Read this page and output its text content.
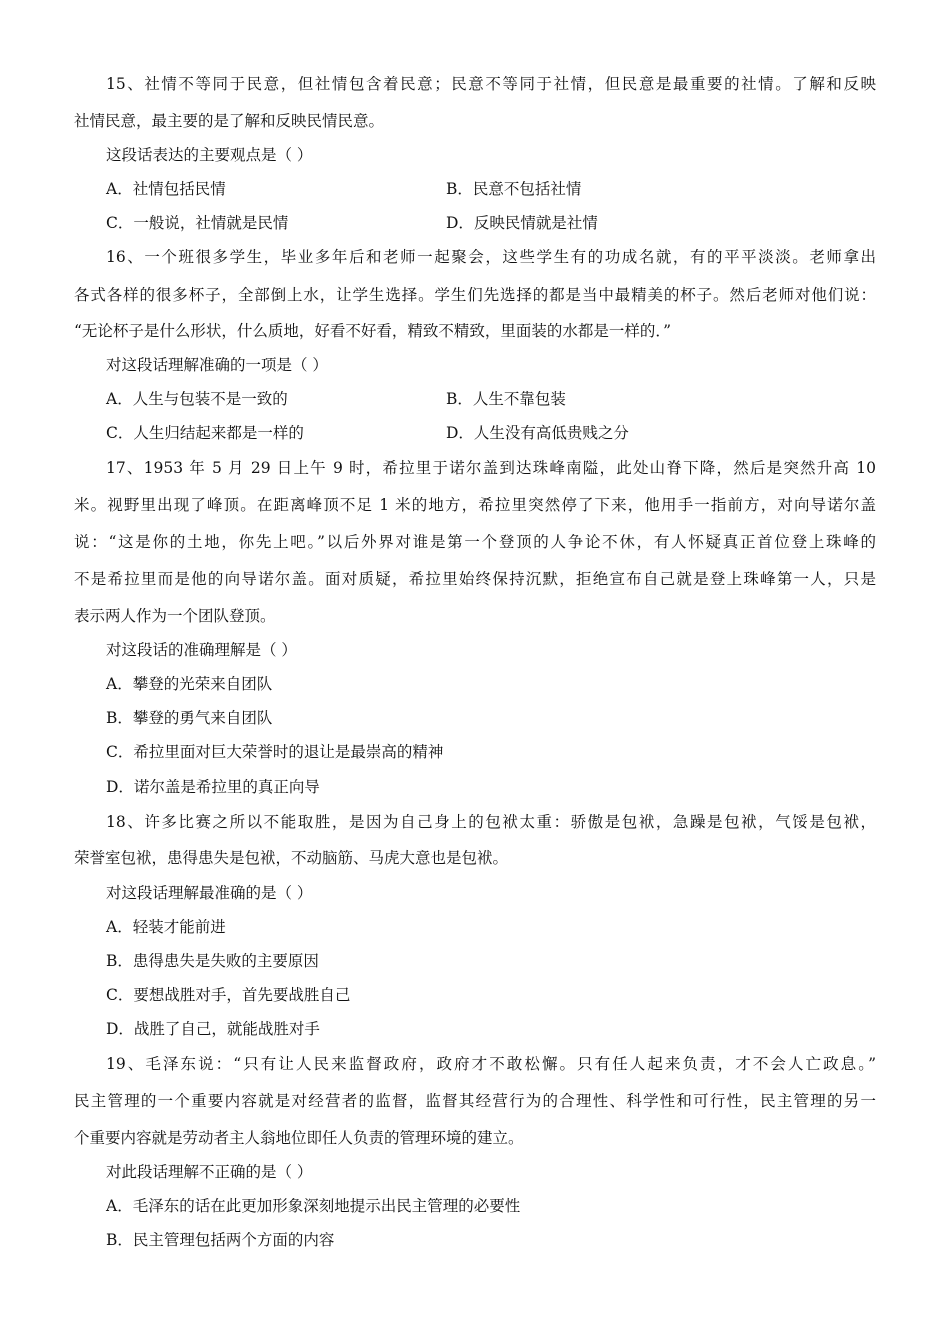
15、社情不等同于民意，但社情包含着民意；民意不等同于社情，但民意是最重要的社情。了解和反映
社情民意，最主要的是了解和反映民情民意。
这段话表达的主要观点是（ ）
A．社情包括民情	B．民意不包括社情
C．一般说，社情就是民情	D．反映民情就是社情
16、一个班很多学生，毕业多年后和老师一起聚会，这些学生有的功成名就，有的平平淡淡。老师拿出
各式各样的很多杯子，全部倒上水，让学生选择。学生们先选择的都是当中最精美的杯子。然后老师对他们说：
“无论杯子是什么形状，什么质地，好看不好看，精致不精致，里面装的水都是一样的．”
对这段话理解准确的一项是（ ）
A．人生与包装不是一致的	B．人生不靠包装
C．人生归结起来都是一样的	D．人生没有高低贵贱之分
17、1953 年 5 月 29 日上午 9 时，希拉里于诺尔盖到达珠峰南隘，此处山脊下降，然后是突然升高 10
米。视野里出现了峰顶。在距离峰顶不足 1 米的地方，希拉里突然停了下来，他用手一指前方，对向导诺尔盖
说：“这是你的土地，你先上吧。”以后外界对谁是第一个登顶的人争论不休，有人怀疑真正首位登上珠峰的
不是希拉里而是他的向导诺尔盖。面对质疑，希拉里始终保持沉默，拒绝宣布自己就是登上珠峰第一人，只是
表示两人作为一个团队登顶。
对这段话的准确理解是（ ）
A．攀登的光荣来自团队
B．攀登的勇气来自团队
C．希拉里面对巨大荣誉时的退让是最崇高的精神
D．诺尔盖是希拉里的真正向导
18、许多比赛之所以不能取胜，是因为自己身上的包袱太重：骄傲是包袱，急躁是包袱，气馁是包袱，
荣誉室包袱，患得患失是包袱，不动脑筋、马虎大意也是包袱。
对这段话理解最准确的是（ ）
A．轻装才能前进
B．患得患失是失败的主要原因
C．要想战胜对手，首先要战胜自己
D．战胜了自己，就能战胜对手
19、毛泽东说：“只有让人民来监督政府，政府才不敢松懈。只有任人起来负责，才不会人亡政息。”
民主管理的一个重要内容就是对经营者的监督，监督其经营行为的合理性、科学性和可行性，民主管理的另一
个重要内容就是劳动者主人翁地位即任人负责的管理环境的建立。
对此段话理解不正确的是（ ）
A．毛泽东的话在此更加形象深刻地提示出民主管理的必要性
B．民主管理包括两个方面的内容
